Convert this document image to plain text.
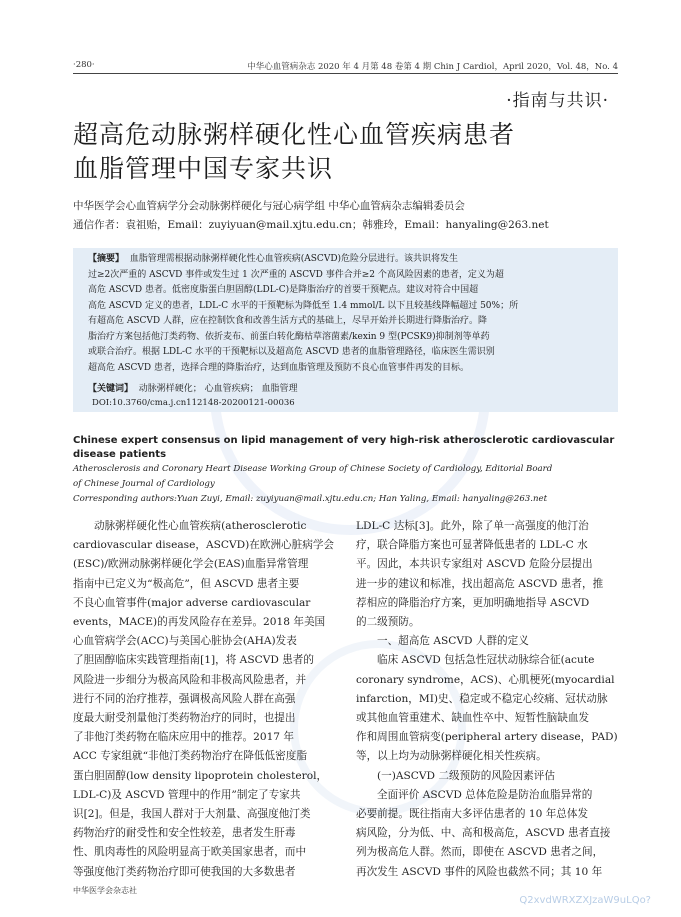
·280·	中华心血管病杂志 2020 年 4 月第 48 卷第 4 期 Chin J Cardiol，April 2020，Vol. 48，No. 4
·指南与共识·
超高危动脉粥样硬化性心血管疾病患者
血脂管理中国专家共识
中华医学会心血管病学分会动脉粥样硬化与冠心病学组 中华心血管病杂志编辑委员会
通信作者：袁祖贻，Email：zuyiyuan@mail.xjtu.edu.cn；韩雅玲，Email：hanyaling@263.net
【摘要】 血脂管理需根据动脉粥样硬化性心血管疾病(ASCVD)危险分层进行。该共识将发生
过≥2次严重的 ASCVD 事件或发生过 1 次严重的 ASCVD 事件合并≥2 个高风险因素的患者，定义为超
高危 ASCVD 患者。低密度脂蛋白胆固醇(LDL-C)是降脂治疗的首要干预靶点。建议对符合中国超
高危 ASCVD 定义的患者，LDL-C 水平的干预靶标为降低至 1.4 mmol/L 以下且较基线降幅超过 50%；所
有超高危 ASCVD 人群，应在控制饮食和改善生活方式的基础上，尽早开始并长期进行降脂治疗。降
脂治疗方案包括他汀类药物、依折麦布、前蛋白转化酶枯草溶菌素/kexin 9 型(PCSK9)抑制剂等单药
或联合治疗。根据 LDL-C 水平的干预靶标以及超高危 ASCVD 患者的血脂管理路径，临床医生需识别
超高危 ASCVD 患者，选择合理的降脂治疗，达到血脂管理及预防不良心血管事件再发的目标。
【关键词】 动脉粥样硬化； 心血管疾病； 血脂管理
DOI:10.3760/cma.j.cn112148-20200121-00036
Chinese expert consensus on lipid management of very high-risk atherosclerotic cardiovascular
disease patients
Atherosclerosis and Coronary Heart Disease Working Group of Chinese Society of Cardiology, Editorial Board
of Chinese Journal of Cardiology
Corresponding authors:Yuan Zuyi, Email: zuyiyuan@mail.xjtu.edu.cn; Han Yaling, Email: hanyaling@263.net

动脉粥样硬化性心血管疾病(atherosclerotic

cardiovascular disease，ASCVD)在欧洲心脏病学会

(ESC)/欧洲动脉粥样硬化学会(EAS)血脂异常管理

指南中已定义为“极高危”，但 ASCVD 患者主要

不良心血管事件(major adverse cardiovascular

events，MACE)的再发风险存在差异。2018 年美国

心血管病学会(ACC)与美国心脏协会(AHA)发表

了胆固醇临床实践管理指南[1]，将 ASCVD 患者的

风险进一步细分为极高风险和非极高风险患者，并

进行不同的治疗推荐，强调极高风险人群在高强

度最大耐受剂量他汀类药物治疗的同时，也提出

了非他汀类药物在临床应用中的推荐。2017 年

ACC 专家组就“非他汀类药物治疗在降低低密度脂

蛋白胆固醇(low density lipoprotein cholesterol，

LDL-C)及 ASCVD 管理中的作用”制定了专家共

识[2]。但是，我国人群对于大剂量、高强度他汀类

药物治疗的耐受性和安全性较差，患者发生肝毒

性、肌肉毒性的风险明显高于欧美国家患者，而中

等强度他汀类药物治疗即可使我国的大多数患者

LDL-C 达标[3]。此外，除了单一高强度的他汀治

疗，联合降脂方案也可显著降低患者的 LDL-C 水

平。因此，本共识专家组对 ASCVD 危险分层提出

进一步的建议和标准，找出超高危 ASCVD 患者，推

荐相应的降脂治疗方案，更加明确地指导 ASCVD

的二级预防。

一、超高危 ASCVD 人群的定义

临床 ASCVD 包括急性冠状动脉综合征(acute

coronary syndrome，ACS)、心肌梗死(myocardial

infarction，MI)史、稳定或不稳定心绞痛、冠状动脉

或其他血管重建术、缺血性卒中、短暂性脑缺血发

作和周围血管病变(peripheral artery disease，PAD)

等，以上均为动脉粥样硬化相关性疾病。

(一)ASCVD 二级预防的风险因素评估

全面评价 ASCVD 总体危险是防治血脂异常的

必要前提。既往指南大多评估患者的 10 年总体发

病风险，分为低、中、高和极高危，ASCVD 患者直接

列为极高危人群。然而，即使在 ASCVD 患者之间，

再次发生 ASCVD 事件的风险也截然不同；其 10 年

中华医学会杂志社
Q2xvdWRXZXJzaW9uLQo?
